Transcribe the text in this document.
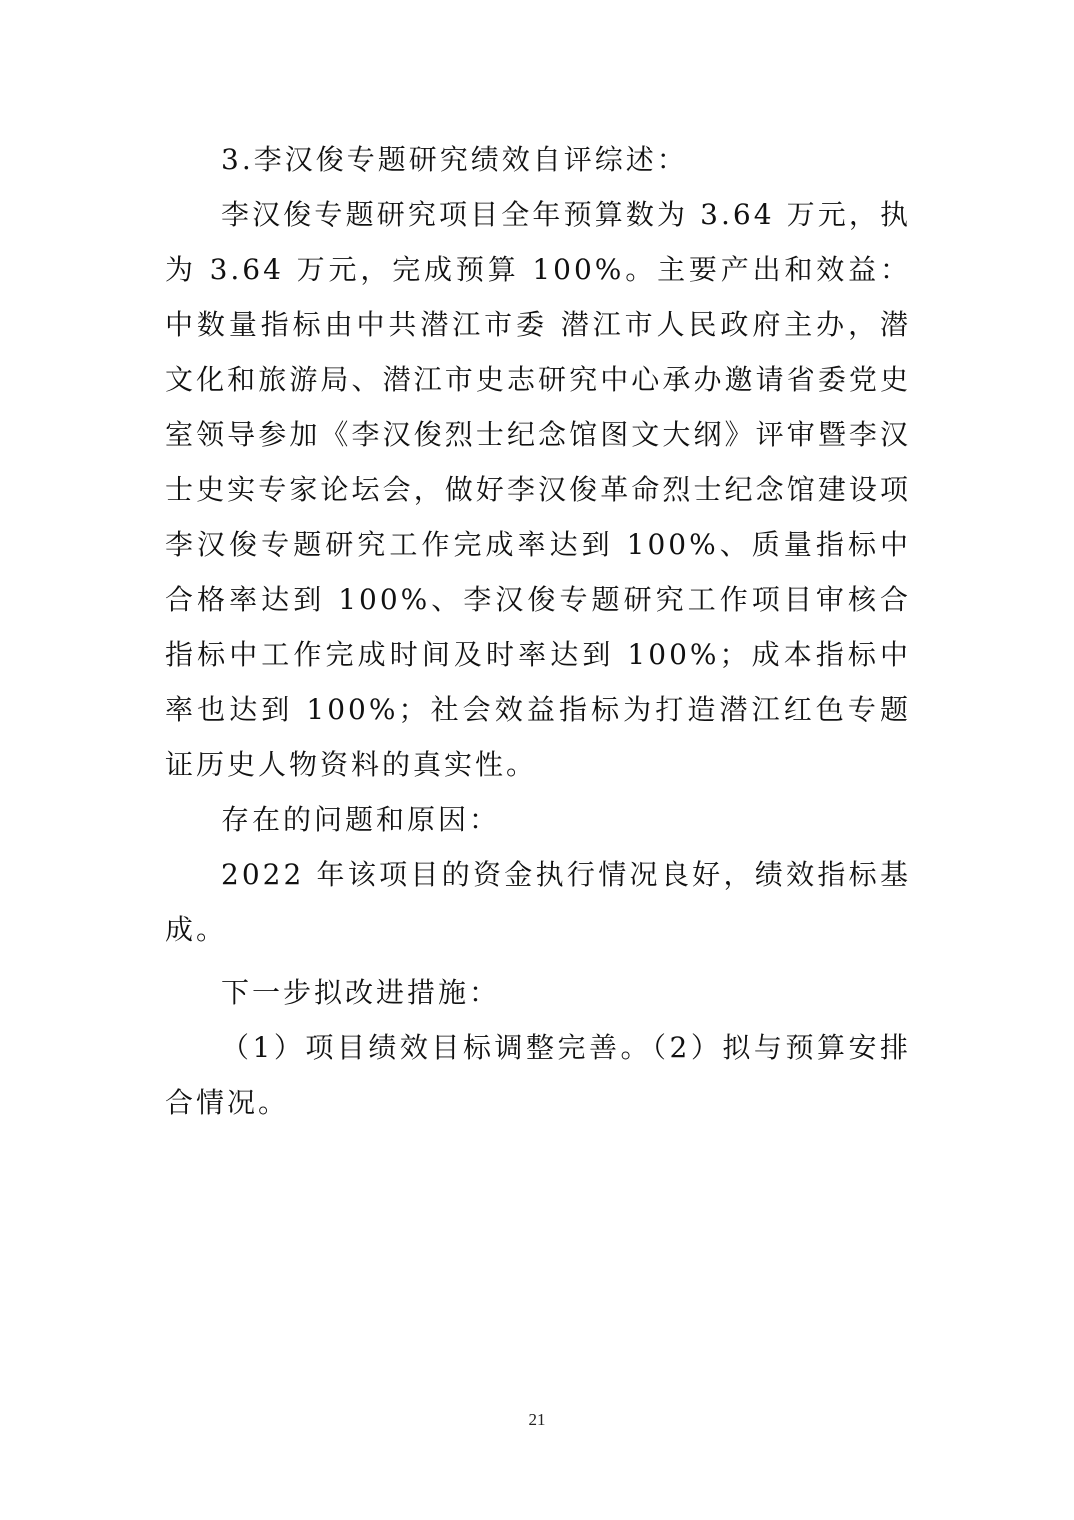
3.李汉俊专题研究绩效自评综述：

李汉俊专题研究项目全年预算数为 3.64 万元，执

为 3.64 万元，完成预算 100%。主要产出和效益：

中数量指标由中共潜江市委 潜江市人民政府主办，潜

文化和旅游局、潜江市史志研究中心承办邀请省委党史

室领导参加《李汉俊烈士纪念馆图文大纲》评审暨李汉

士史实专家论坛会，做好李汉俊革命烈士纪念馆建设项

李汉俊专题研究工作完成率达到 100%、质量指标中

合格率达到 100%、李汉俊专题研究工作项目审核合

指标中工作完成时间及时率达到 100%；成本指标中

率也达到 100%；社会效益指标为打造潜江红色专题

证历史人物资料的真实性。

存在的问题和原因：

2022 年该项目的资金执行情况良好，绩效指标基

成。

下一步拟改进措施：

（1）项目绩效目标调整完善。（2）拟与预算安排

合情况。

21
